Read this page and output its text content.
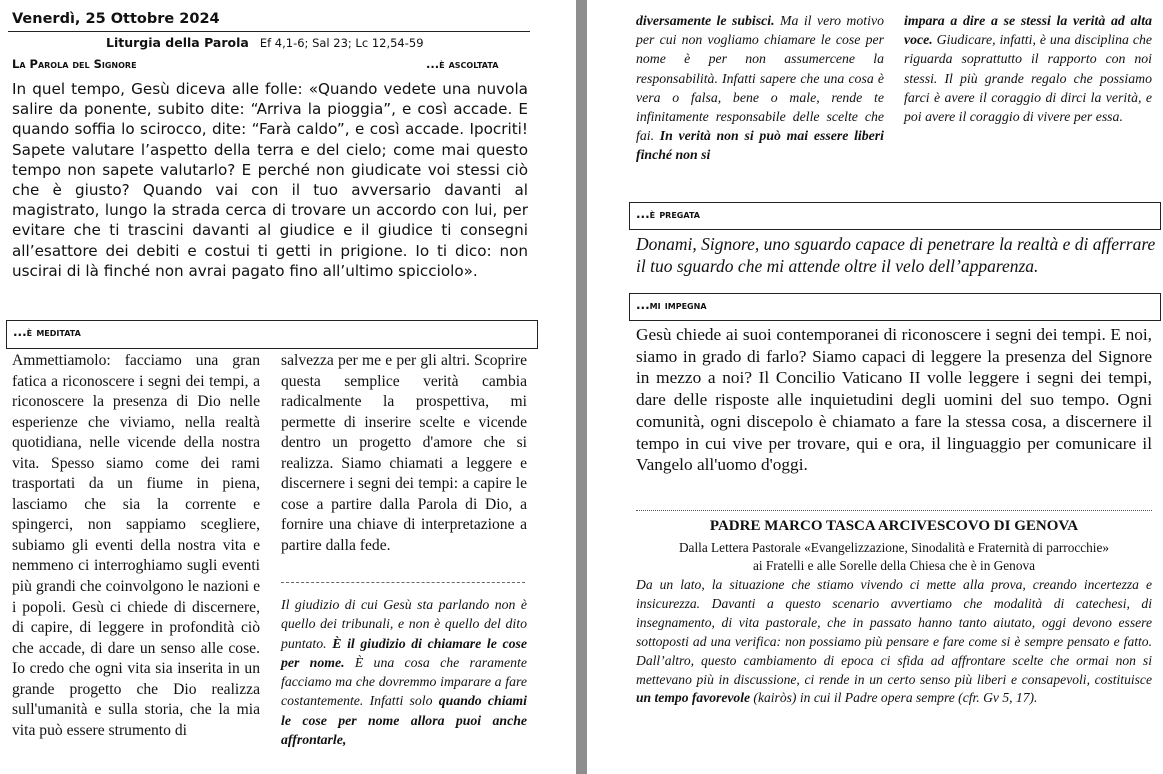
Venerdì, 25 Ottobre 2024
Liturgia della Parola Ef 4,1-6; Sal 23; Lc 12,54-59
La Parola del Signore	...è ascoltata
In quel tempo, Gesù diceva alle folle: «Quando vedete una nuvola salire da ponente, subito dite: “Arriva la pioggia”, e così accade. E quando soffia lo scirocco, dite: “Farà caldo”, e così accade. Ipocriti! Sapete valutare l’aspetto della terra e del cielo; come mai questo tempo non sapete valutarlo? E perché non giudicate voi stessi ciò che è giusto? Quando vai con il tuo avversario davanti al magistrato, lungo la strada cerca di trovare un accordo con lui, per evitare che ti trascini davanti al giudice e il giudice ti consegni all’esattore dei debiti e costui ti getti in prigione. Io ti dico: non uscirai di là finché non avrai pagato fino all’ultimo spicciolo».
...è meditata
Ammettiamolo: facciamo una gran fatica a riconoscere i segni dei tempi, a riconoscere la presenza di Dio nelle esperienze che viviamo, nella realtà quotidiana, nelle vicende della nostra vita. Spesso siamo come dei rami trasportati da un fiume in piena, lasciamo che sia la corrente e spingerci, non sappiamo scegliere, subiamo gli eventi della nostra vita e nemmeno ci interroghiamo sugli eventi più grandi che coinvolgono le nazioni e i popoli. Gesù ci chiede di discernere, di capire, di leggere in profondità ciò che accade, di dare un senso alle cose. Io credo che ogni vita sia inserita in un grande progetto che Dio realizza sull'umanità e sulla storia, che la mia vita può essere strumento di
salvezza per me e per gli altri. Scoprire questa semplice verità cambia radicalmente la prospettiva, mi permette di inserire scelte e vicende dentro un progetto d'amore che si realizza. Siamo chiamati a leggere e discernere i segni dei tempi: a capire le cose a partire dalla Parola di Dio, a fornire una chiave di interpretazione a partire dalla fede.
Il giudizio di cui Gesù sta parlando non è quello dei tribunali, e non è quello del dito puntato. È il giudizio di chiamare le cose per nome. È una cosa che raramente facciamo ma che dovremmo imparare a fare costantemente. Infatti solo quando chiami le cose per nome allora puoi anche affrontarle,
diversamente le subisci. Ma il vero motivo per cui non vogliamo chiamare le cose per nome è per non assumercene la responsabilità. Infatti sapere che una cosa è vera o falsa, bene o male, rende te infinitamente responsabile delle scelte che fai. In verità non si può mai essere liberi finché non si
impara a dire a se stessi la verità ad alta voce. Giudicare, infatti, è una disciplina che riguarda soprattutto il rapporto con noi stessi. Il più grande regalo che possiamo farci è avere il coraggio di dirci la verità, e poi avere il coraggio di vivere per essa.
...è pregata
Donami, Signore, uno sguardo capace di penetrare la realtà e di afferrare il tuo sguardo che mi attende oltre il velo dell’apparenza.
...mi impegna
Gesù chiede ai suoi contemporanei di riconoscere i segni dei tempi. E noi, siamo in grado di farlo? Siamo capaci di leggere la presenza del Signore in mezzo a noi? Il Concilio Vaticano II volle leggere i segni dei tempi, dare delle risposte alle inquietudini degli uomini del suo tempo. Ogni comunità, ogni discepolo è chiamato a fare la stessa cosa, a discernere il tempo in cui vive per trovare, qui e ora, il linguaggio per comunicare il Vangelo all'uomo d'oggi.
PADRE MARCO TASCA ARCIVESCOVO DI GENOVA
Dalla Lettera Pastorale «Evangelizzazione, Sinodalità e Fraternità di parrocchie» ai Fratelli e alle Sorelle della Chiesa che è in Genova
Da un lato, la situazione che stiamo vivendo ci mette alla prova, creando incertezza e insicurezza. Davanti a questo scenario avvertiamo che modalità di catechesi, di insegnamento, di vita pastorale, che in passato hanno tanto aiutato, oggi devono essere sottoposti ad una verifica: non possiamo più pensare e fare come si è sempre pensato e fatto. Dall’altro, questo cambiamento di epoca ci sfida ad affrontare scelte che ormai non si mettevano più in discussione, ci rende in un certo senso più liberi e consapevoli, costituisce un tempo favorevole (kairòs) in cui il Padre opera sempre (cfr. Gv 5, 17).
